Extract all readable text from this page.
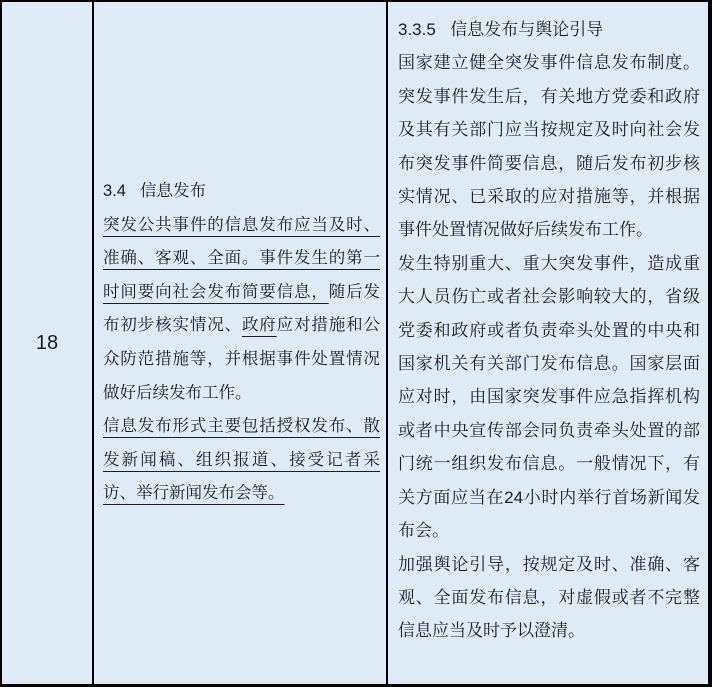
18

3.4 信息发布

突发公共事件的信息发布应当及时、准确、客观、全面。事件发生的第一时间要向社会发布简要信息，随后发布初步核实情况、政府应对措施和公众防范措施等，并根据事件处置情况做好后续发布工作。

信息发布形式主要包括授权发布、散发新闻稿、组织报道、接受记者采访、举行新闻发布会等。

3.3.5 信息发布与舆论引导

国家建立健全突发事件信息发布制度。突发事件发生后，有关地方党委和政府及其有关部门应当按规定及时向社会发布突发事件简要信息，随后发布初步核实情况、已采取的应对措施等，并根据事件处置情况做好后续发布工作。

发生特别重大、重大突发事件，造成重大人员伤亡或者社会影响较大的，省级党委和政府或者负责牵头处置的中央和国家机关有关部门发布信息。国家层面应对时，由国家突发事件应急指挥机构或者中央宣传部会同负责牵头处置的部门统一组织发布信息。一般情况下，有关方面应当在24小时内举行首场新闻发布会。

加强舆论引导，按规定及时、准确、客观、全面发布信息，对虚假或者不完整信息应当及时予以澄清。
